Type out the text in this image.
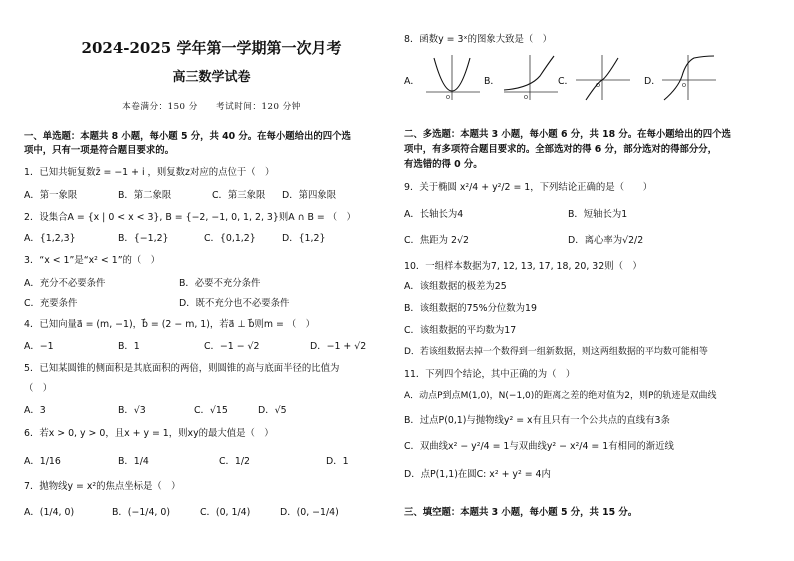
2024-2025 学年第一学期第一次月考
高三数学试卷
本卷满分：150 分　　考试时间：120 分钟
一、单选题：本题共 8 小题，每小题 5 分，共 40 分。在每小题给出的四个选
项中，只有一项是符合题目要求的。
1．已知共轭复数z̄ = −1 + i ，则复数z对应的点位于（　）
A．第一象限	B．第二象限	C．第三象限 D．第四象限
2．设集合A = {x | 0 < x < 3}, B = {−2, −1, 0, 1, 2, 3}则A ∩ B = （　）
A．{1,2,3}	B．{−1,2}	C．{0,1,2}	D．{1,2}
3．“x < 1”是“x² < 1”的（　）
A．充分不必要条件	B．必要不充分条件
C．充要条件	D．既不充分也不必要条件
4．已知向量a⃗ = (m, −1)，b⃗ = (2 − m, 1)，若a⃗ ⊥ b⃗则m = （　）
A．−1	B．1	C．−1 − √2	D．−1 + √2
5．已知某圆锥的侧面积是其底面积的两倍，则圆锥的高与底面半径的比值为
（　）
A．3	B．√3	C．√15	D．√5
6．若x > 0, y > 0，且x + y = 1，则xy的最大值是（　）
A．1/16	B．1/4	C．1/2	D．1
7．抛物线y = x²的焦点坐标是（　）
A．(1/4, 0)	B．(−1/4, 0)	C．(0, 1/4)	D．(0, −1/4)
8．函数y = 3ˣ的图象大致是（　）
A．
O
B．
O
C．	O	D．	O
二、多选题：本题共 3 小题，每小题 6 分，共 18 分。在每小题给出的四个选
项中，有多项符合题目要求的。全部选对的得 6 分，部分选对的得部分分，
有选错的得 0 分。
9．关于椭圆 x²/4 + y²/2 = 1，下列结论正确的是（　　）
A．长轴长为4	B．短轴长为1
C．焦距为 2√2	D．离心率为√2/2
10．一组样本数据为7, 12, 13, 17, 18, 20, 32则（　）
A．该组数据的极差为25
B．该组数据的75%分位数为19
C．该组数据的平均数为17
D．若该组数据去掉一个数得到一组新数据，则这两组数据的平均数可能相等
11．下列四个结论，其中正确的为（　）
A．动点P到点M(1,0)，N(−1,0)的距离之差的绝对值为2，则P的轨迹是双曲线
B．过点P(0,1)与抛物线y² = x有且只有一个公共点的直线有3条
C．双曲线x² − y²/4 = 1与双曲线y² − x²/4 = 1有相同的渐近线
D．点P(1,1)在圆C: x² + y² = 4内
三、填空题：本题共 3 小题，每小题 5 分，共 15 分。
